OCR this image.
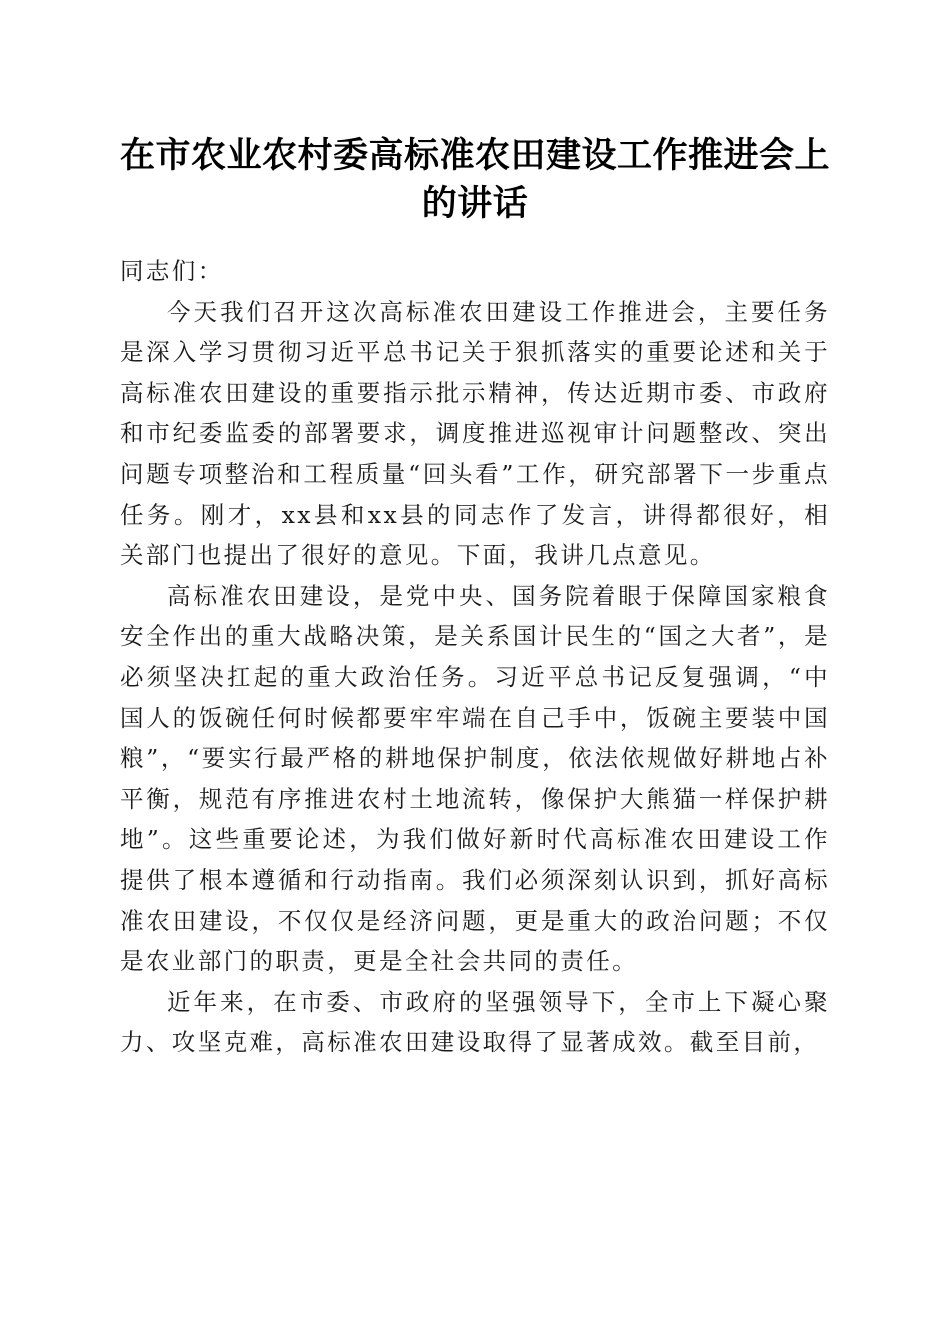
在市农业农村委高标准农田建设工作推进会上
的讲话

同志们：

今天我们召开这次高标准农田建设工作推进会，主要任务是深入学习贯彻习近平总书记关于狠抓落实的重要论述和关于高标准农田建设的重要指示批示精神，传达近期市委、市政府和市纪委监委的部署要求，调度推进巡视审计问题整改、突出问题专项整治和工程质量“回头看”工作，研究部署下一步重点任务。刚才，xx县和xx县的同志作了发言，讲得都很好，相关部门也提出了很好的意见。下面，我讲几点意见。

高标准农田建设，是党中央、国务院着眼于保障国家粮食安全作出的重大战略决策，是关系国计民生的“国之大者”，是必须坚决扛起的重大政治任务。习近平总书记反复强调，“中国人的饭碗任何时候都要牢牢端在自己手中，饭碗主要装中国粮”，“要实行最严格的耕地保护制度，依法依规做好耕地占补平衡，规范有序推进农村土地流转，像保护大熊猫一样保护耕地”。这些重要论述，为我们做好新时代高标准农田建设工作提供了根本遵循和行动指南。我们必须深刻认识到，抓好高标准农田建设，不仅仅是经济问题，更是重大的政治问题；不仅是农业部门的职责，更是全社会共同的责任。

近年来，在市委、市政府的坚强领导下，全市上下凝心聚力、攻坚克难，高标准农田建设取得了显著成效。截至目前，
